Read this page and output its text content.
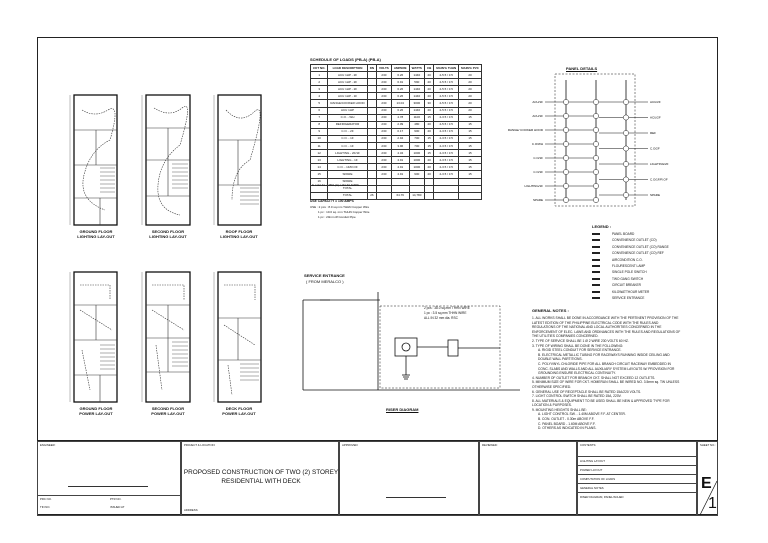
GROUND FLOOR
LIGHTING LAY-OUT
SECOND FLOOR
LIGHTING LAY-OUT
ROOF FLOOR
LIGHTING LAY-OUT
GROUND FLOOR
POWER LAY-OUT
SECOND FLOOR
POWER LAY-OUT
DECK FLOOR
POWER LAY-OUT
SCHEDULE OF LOADS (PB-A) (PB-A)
CKT NO.	LOAD DESCRIPTION	DN	VOLTS	AMPERE	WATTS	CB	MAIN'G THHN	MAIN'G PVC
1	ACU 1HP - 2F		230	6.26	1440	20	2-5.5 / 3.5	20
2	ACU 1HP - 2F		230	6.91	590	20	2-5.5 / 3.5	20
3	ACU 1HP - 2F		230	6.26	1440	20	2-5.5 / 3.5	20
4	ACU 1HP - 1F		230	6.26	1440	20	2-5.5 / 3.5	20
5	RANGE/COOKER HOOD		230	13.04	3000	30	2-5.5 / 3.5	20
6	ACU 1HP		230	6.26	1440	20	2-5.5 / 3.5	20
7	C.O. - WH		230	4.78	1100	15	2-3.5 / 3.5	15
8	REFRIGERATOR		230	2.09	480	20	2-5.5 / 3.5	15
9	C.O. - 2F		230	0.17	900	20	2-3.5 / 3.5	15
10	C.O. - 1F		230	2.94	700	15	2-3.5 / 3.5	15
11	C.O. - 1F		230	3.96	700	15	2-3.5 / 3.5	15
12	LIGHTING - 2F/1F		230	4.34	1000	15	2-3.5 / 3.5	15
13	LIGHTING - 1F		230	4.91	1000	20	2-3.5 / 3.5	15
14	C.O. - 1F/R.OF		230	4.91	1000	20	2-3.5 / 3.5	15
15	SPARE		230	4.91	900	20	2-3.5 / 3.5	15
16	SPARE							
	TOTAL							
	TOTAL	26		64.76	14,780			
S = 62.71 + 25% (9) = 84.73 AMPS
USE CAPACITY = 100 AMPS
USE : 2 pcs : 8.0 sq.mm THHN Copper Wire
1 pc : 10.0 sq. mm THHN Copper Wire
1 pc : 20mm Ø Conduit Pipe
SERVICE ENTRANCE
( FROM MERALCO )
2 pcs : 38.0 sq.mm THHN WIRE
1 pc : 3.5 sq.mm THHN WIRE
ALL IN 32 mm dia. RSC
RISER DIAGRAM
PANEL DETAILS
ACU/1F
ACU/1F
RANGE/ COOKER HOOD
C.O/WH
C.O/1F
C.O/1F
LIGHTING/1F
SPARE
ACU/2F
ACU/2F
REF
C.O/2F
LIGHTING/2F
C.O/1F/R.OF
SPARE
LEGEND :
PANEL BOARD
CONVENIENCE OUTLET (CO)
CONVENIENCE OUTLET (CO) RANGE
CONVENIENCE OUTLET (CO) REF
AIRCONDITION C.O.
FLOURESCENT LAMP
SINGLE POLE SWITCH
TWO GANG SWITCH
CIRCUIT BREAKER
KILOWATTHOUR METER
SERVICE ENTRANCE
GENERAL NOTES :
1. ALL WORKS SHALL BE DONE IN ACCORDANCE WITH THE PERTINENT PROVISION OF THE LATEST EDITION OF THE PHILIPPINE ELECTRICAL CODE WITH THE RULES AND REGULATIONS OF THE NATIONAL AND LOCAL AUTHORITIES CONCERNED IN THE ENFORCEMENT OF ELEC. LAWS AND ORDINANCES WITH THE RULES AND REGULATIONS OF THE UTILITIES COMPANIES CONCERNED.
2. TYPE OF SERVICE SHALL BE 1 Ø 2 WIRE 230 VOLTS 60 HZ.
3. TYPE OF WIRING SHALL BE DONE IN THE FOLLOWING:
A. RIGID STEEL CONDUIT FOR SERVICE ENTRANCE.
B. ELECTRICAL METALLIC TUBING FOR RACEWAYS RUNNING INSIDE CEILING AND DOUBLE WALL PARTITIONS.
C. POLYVINYL CHLORIDE PIPE FOR ALL BRANCH CIRCUIT RACEWAY EMBEDDED IN CONC. SLABS AND WALLS AND ALL AUXILIARY SYSTEM LAYOUTS W/ PROVISION FOR GROUNDING ENSURE ELECTRICAL CONTINUITY.
4. NUMBER OF OUTLET FOR BRANCH CKT. SHALL NOT EXCEED 12 OUTLETS.
5. MINIMUM SIZE OF WIRE FOR CKT. HOMERUN SHALL BE WIRED NO. 3.5mm sq. TW UNLESS OTHERWISE SPECIFIED.
6. GENERAL USE OF RECEPTACLE SHALL BE RATED 15A/220 VOLTS.
7. LIGHT CONTROL SWITCH SHALL BE RATED 15A, 220V.
8. ALL MATERIALS & EQUIPMENT TO BE USED SHALL BE NEW & APPROVED TYPE FOR LOCATION & PURPOSES.
9. MOUNTING HEIGHTS SHALL BE:
A. LIGHT CONTROL SW. - 1.40M ABOVE F.F. AT CENTER.
B. CON. OUTLET - 0.30m ABOVE F.F.
C. PANEL BOARD - 1.60M ABOVE F.F.
D. OTHERS AS INDICATED IN PLANS.
ENGINEER:
PRC NO.	PTR NO.
TIN NO.	ISSUED AT
PROJECT & LOCATION:
PROPOSED CONSTRUCTION OF TWO (2) STOREY
RESIDENTIAL WITH DECK
ADDRESS:
APPROVED:	REVIEWED:	CONTENTS:
LIGHTING LAYOUT
POWER LAYOUT
COMPUTATION OF LOADS
GENERAL NOTES
RISER DIAGRAM, PANEL/SCHED
SHEET NO.:
E
1
